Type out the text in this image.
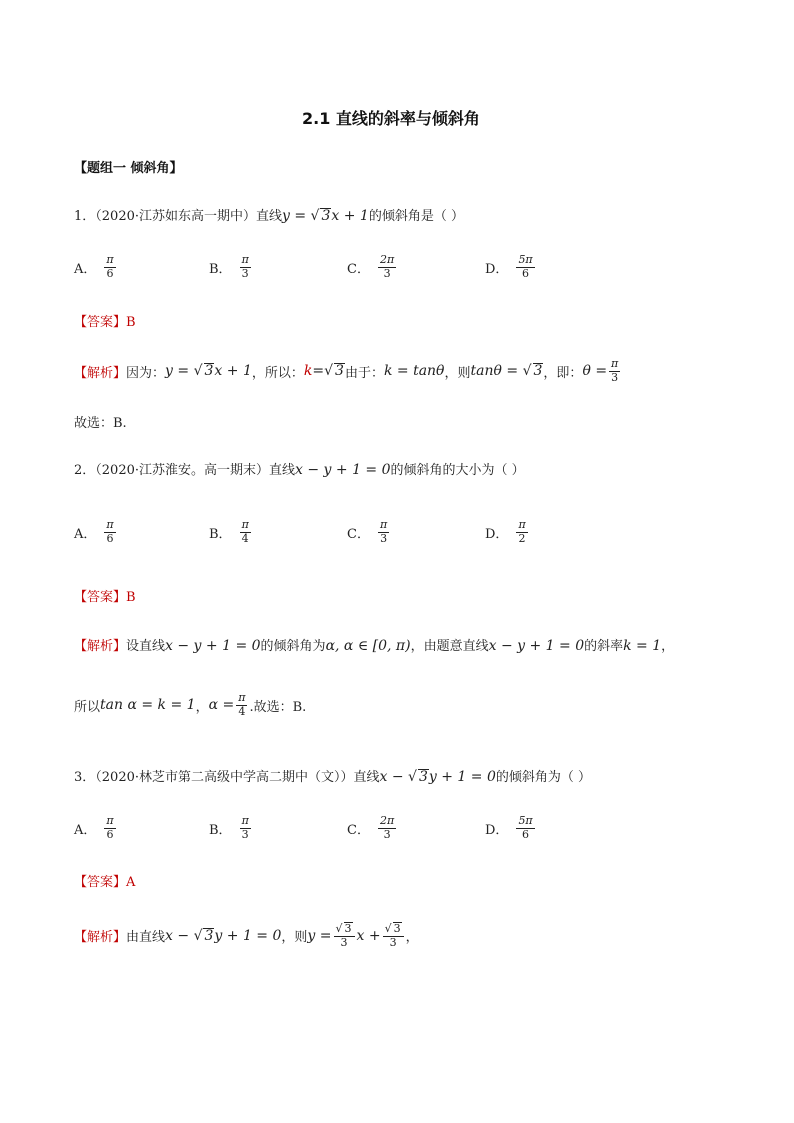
2.1 直线的斜率与倾斜角
【题组一 倾斜角】
1．（2020·江苏如东高一期中）直线y = √ 3x + 1的倾斜角是（ ）
A． $\frac{\pi}{6}$	B． $\frac{\pi}{3}$	C． $\frac{2\pi}{3}$	D． $\frac{5\pi}{6}$
【答案】B
【解析】 因为： y = √ 3x + 1 ，所以： k=√ 3 由于： k = tanθ ，则 tanθ = √ 3 ，即： $\theta = \frac{\pi}{3}$
故选：B.
2．（2020·江苏淮安。高一期末）直线x − y + 1 = 0的倾斜角的大小为（ ）
A． $\frac{\pi}{6}$	B． $\frac{\pi}{4}$	C． $\frac{\pi}{3}$	D． $\frac{\pi}{2}$
【答案】B
【解析】设直线x − y + 1 = 0的倾斜角为α, α ∈ [0, π)，由题意直线x − y + 1 = 0的斜率k = 1，
所以 tan α = k = 1 ， $\alpha = \frac{\pi}{4}$ .故选：B.
3．（2020·林芝市第二高级中学高二期中（文））直线x − √ 3y + 1 = 0的倾斜角为（ ）
A． $\frac{\pi}{6}$	B． $\frac{\pi}{3}$	C． $\frac{2\pi}{3}$	D． $\frac{5\pi}{6}$
【答案】A
【解析】 由直线 x − √ 3y + 1 = 0 ，则 $y = \frac{√ 3}{3}$ $x + \frac{√ 3}{3}$ ，
